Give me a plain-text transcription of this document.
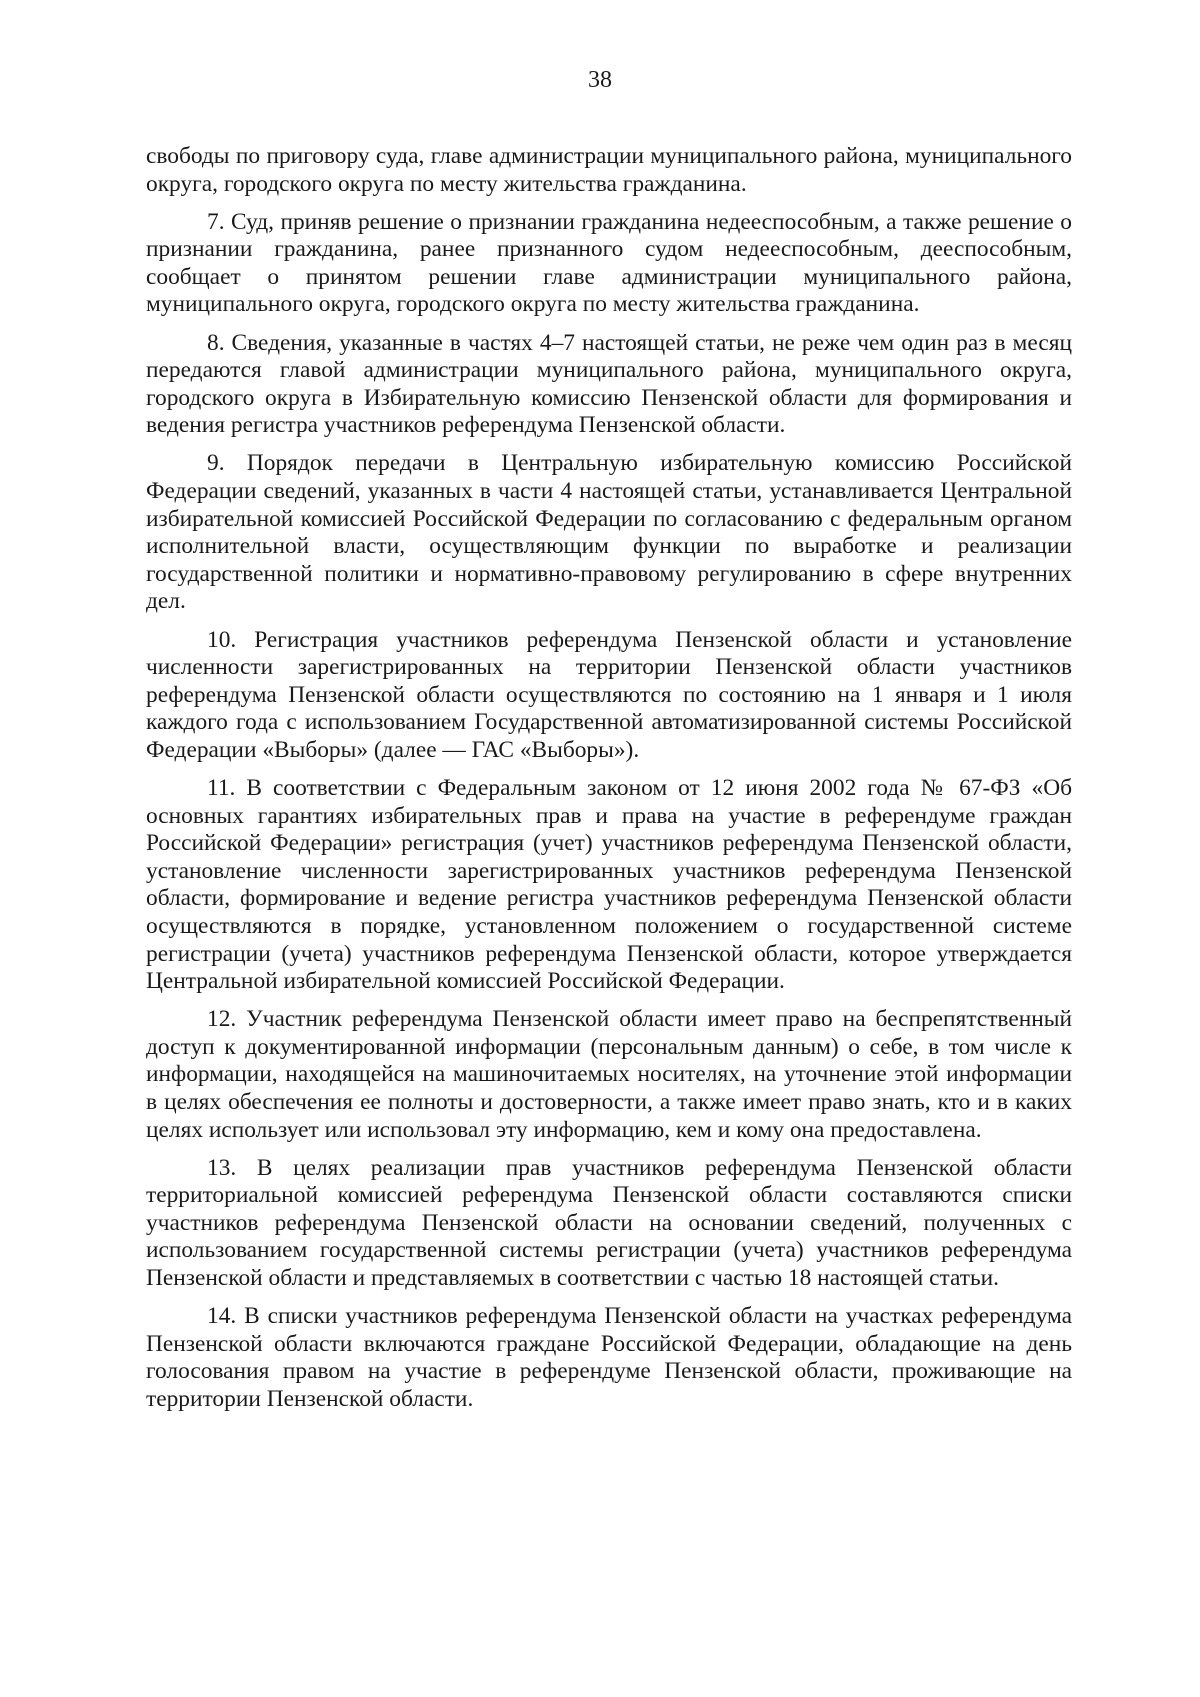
38

свободы по приговору суда, главе администрации муниципального района, муниципального округа, городского округа по месту жительства гражданина.

7. Суд, приняв решение о признании гражданина недееспособным, а также решение о признании гражданина, ранее признанного судом недееспособным, дееспособным, сообщает о принятом решении главе администрации муниципального района, муниципального округа, городского округа по месту жительства гражданина.

8. Сведения, указанные в частях 4–7 настоящей статьи, не реже чем один раз в месяц передаются главой администрации муниципального района, муниципального округа, городского округа в Избирательную комиссию Пензенской области для формирования и ведения регистра участников референдума Пензенской области.

9. Порядок передачи в Центральную избирательную комиссию Российской Федерации сведений, указанных в части 4 настоящей статьи, устанавливается Центральной избирательной комиссией Российской Федерации по согласованию с федеральным органом исполнительной власти, осуществляющим функции по выработке и реализации государственной политики и нормативно-правовому регулированию в сфере внутренних дел.

10. Регистрация участников референдума Пензенской области и установление численности зарегистрированных на территории Пензенской области участников референдума Пензенской области осуществляются по состоянию на 1 января и 1 июля каждого года с использованием Государственной автоматизированной системы Российской Федерации «Выборы» (далее — ГАС «Выборы»).

11. В соответствии с Федеральным законом от 12 июня 2002 года № 67-ФЗ «Об основных гарантиях избирательных прав и права на участие в референдуме граждан Российской Федерации» регистрация (учет) участников референдума Пензенской области, установление численности зарегистрированных участников референдума Пензенской области, формирование и ведение регистра участников референдума Пензенской области осуществляются в порядке, установленном положением о государственной системе регистрации (учета) участников референдума Пензенской области, которое утверждается Центральной избирательной комиссией Российской Федерации.

12. Участник референдума Пензенской области имеет право на беспрепятственный доступ к документированной информации (персональным данным) о себе, в том числе к информации, находящейся на машиночитаемых носителях, на уточнение этой информации в целях обеспечения ее полноты и достоверности, а также имеет право знать, кто и в каких целях использует или использовал эту информацию, кем и кому она предоставлена.

13. В целях реализации прав участников референдума Пензенской области территориальной комиссией референдума Пензенской области составляются списки участников референдума Пензенской области на основании сведений, полученных с использованием государственной системы регистрации (учета) участников референдума Пензенской области и представляемых в соответствии с частью 18 настоящей статьи.

14. В списки участников референдума Пензенской области на участках референдума Пензенской области включаются граждане Российской Федерации, обладающие на день голосования правом на участие в референдуме Пензенской области, проживающие на территории Пензенской области.
